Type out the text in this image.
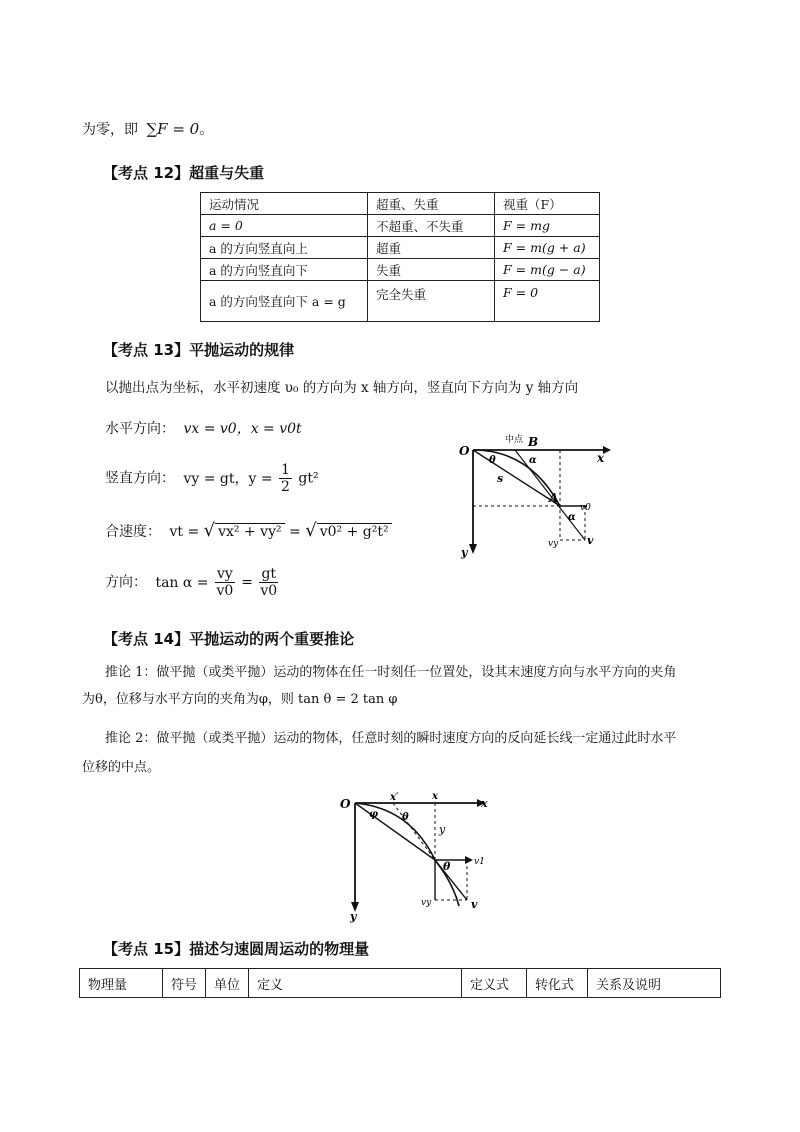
为零，即 ∑F = 0。
【考点 12】超重与失重
运动情况	超重、失重	视重（F）
a = 0	不超重、不失重	F = mg
a 的方向竖直向上	超重	F = m(g + a)
a 的方向竖直向下	失重	F = m(g − a)
a 的方向竖直向下 a = g	完全失重	F = 0
【考点 13】平抛运动的规律
以抛出点为坐标，水平初速度 υ₀ 的方向为 x 轴方向，竖直向下方向为 y 轴方向
水平方向： vx = v0，x = v0t
竖直方向： vy = gt，$y = \frac{1}{2} gt^2$
合速度： vt = √ vx² + vy² = √ v0² + g²t²
方向： $\tan \alpha = \frac{vy}{v0} = \frac{gt}{v0}$
O
中点 B
x
θ	α
s
A
v0
α
vy	v
y
【考点 14】平抛运动的两个重要推论
推论 1：做平抛（或类平抛）运动的物体在任一时刻任一位置处，设其末速度方向与水平方向的夹角
为θ，位移与水平方向的夹角为φ，则 tan θ = 2 tan φ
推论 2：做平抛（或类平抛）运动的物体，任意时刻的瞬时速度方向的反向延长线一定通过此时水平
位移的中点。
O
φ
x′	x
x
θ
y
θ	v1
vy	v
y
【考点 15】描述匀速圆周运动的物理量
物理量	符号	单位	定义	定义式	转化式	关系及说明
